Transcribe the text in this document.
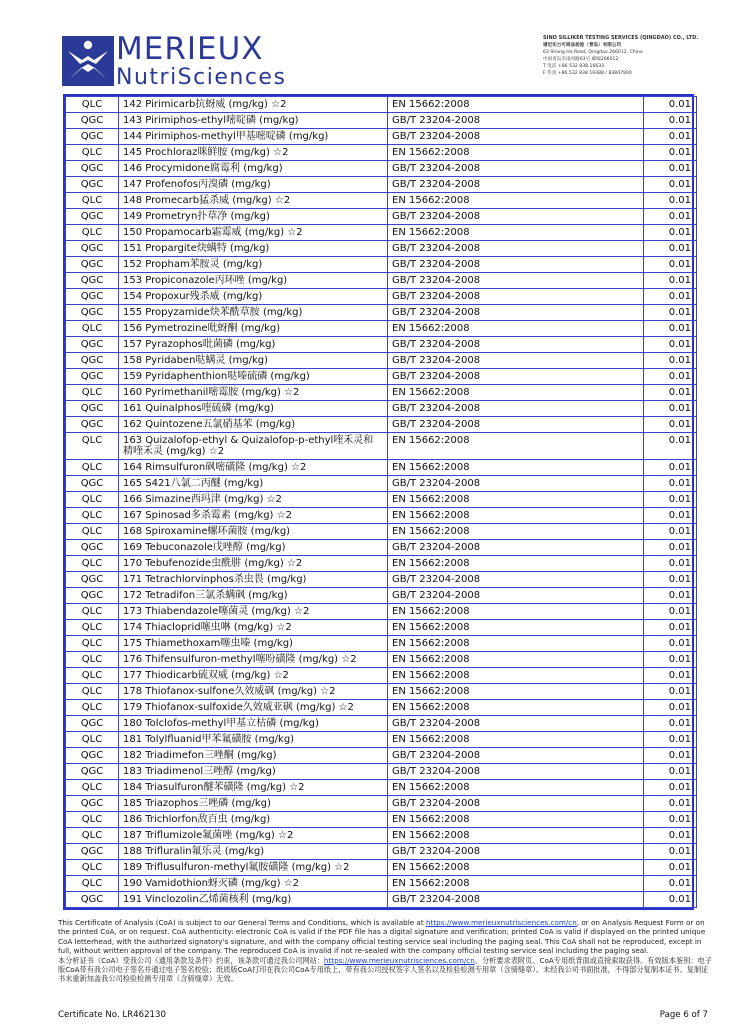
MERIEUX
NutriSciences
SINO SILLIKER TESTING SERVICES (QINGDAO) CO., LTD.
谱尼实力可商品检验（青岛）有限公司
63 Shang He Road, Qingdao 266012, China
中国青岛市南河路63号 邮编266012
T 电话 +86 532 838 16633
F 传真 +86 532 838 19388 / 83847900
QLC	142 Pirimicarb抗蚜威 (mg/kg) ☆2	EN 15662:2008	0.01
QGC	143 Pirimiphos-ethyl嘧啶磷 (mg/kg)	GB/T 23204-2008	0.01
QGC	144 Pirimiphos-methyl甲基嘧啶磷 (mg/kg)	GB/T 23204-2008	0.01
QLC	145 Prochloraz咪鲜胺 (mg/kg) ☆2	EN 15662:2008	0.01
QGC	146 Procymidone腐霉利 (mg/kg)	GB/T 23204-2008	0.01
QGC	147 Profenofos丙溴磷 (mg/kg)	GB/T 23204-2008	0.01
QLC	148 Promecarb猛杀威 (mg/kg) ☆2	EN 15662:2008	0.01
QGC	149 Prometryn扑草净 (mg/kg)	GB/T 23204-2008	0.01
QLC	150 Propamocarb霜霉威 (mg/kg) ☆2	EN 15662:2008	0.01
QGC	151 Propargite炔螨特 (mg/kg)	GB/T 23204-2008	0.01
QGC	152 Propham苯胺灵 (mg/kg)	GB/T 23204-2008	0.01
QGC	153 Propiconazole丙环唑 (mg/kg)	GB/T 23204-2008	0.01
QGC	154 Propoxur残杀威 (mg/kg)	GB/T 23204-2008	0.01
QGC	155 Propyzamide炔苯酰草胺 (mg/kg)	GB/T 23204-2008	0.01
QLC	156 Pymetrozine吡蚜酮 (mg/kg)	EN 15662:2008	0.01
QGC	157 Pyrazophos吡菌磷 (mg/kg)	GB/T 23204-2008	0.01
QGC	158 Pyridaben哒螨灵 (mg/kg)	GB/T 23204-2008	0.01
QGC	159 Pyridaphenthion哒嗪硫磷 (mg/kg)	GB/T 23204-2008	0.01
QLC	160 Pyrimethanil嘧霉胺 (mg/kg) ☆2	EN 15662:2008	0.01
QGC	161 Quinalphos喹硫磷 (mg/kg)	GB/T 23204-2008	0.01
QGC	162 Quintozene五氯硝基苯 (mg/kg)	GB/T 23204-2008	0.01
QLC	163 Quizalofop-ethyl & Quizalofop-p-ethyl喹禾灵和精喹禾灵 (mg/kg) ☆2	EN 15662:2008	0.01
QLC	164 Rimsulfuron砜嘧磺隆 (mg/kg) ☆2	EN 15662:2008	0.01
QGC	165 S421八氯二丙醚 (mg/kg)	GB/T 23204-2008	0.01
QLC	166 Simazine西玛津 (mg/kg) ☆2	EN 15662:2008	0.01
QLC	167 Spinosad多杀霉素 (mg/kg) ☆2	EN 15662:2008	0.01
QLC	168 Spiroxamine螺环菌胺 (mg/kg)	EN 15662:2008	0.01
QGC	169 Tebuconazole戊唑醇 (mg/kg)	GB/T 23204-2008	0.01
QLC	170 Tebufenozide虫酰肼 (mg/kg) ☆2	EN 15662:2008	0.01
QGC	171 Tetrachlorvinphos杀虫畏 (mg/kg)	GB/T 23204-2008	0.01
QGC	172 Tetradifon三氯杀螨砜 (mg/kg)	GB/T 23204-2008	0.01
QLC	173 Thiabendazole噻菌灵 (mg/kg) ☆2	EN 15662:2008	0.01
QLC	174 Thiacloprid噻虫啉 (mg/kg) ☆2	EN 15662:2008	0.01
QLC	175 Thiamethoxam噻虫嗪 (mg/kg)	EN 15662:2008	0.01
QLC	176 Thifensulfuron-methyl噻吩磺隆 (mg/kg) ☆2	EN 15662:2008	0.01
QLC	177 Thiodicarb硫双威 (mg/kg) ☆2	EN 15662:2008	0.01
QLC	178 Thiofanox-sulfone久效威砜 (mg/kg) ☆2	EN 15662:2008	0.01
QLC	179 Thiofanox-sulfoxide久效威亚砜 (mg/kg) ☆2	EN 15662:2008	0.01
QGC	180 Tolclofos-methyl甲基立枯磷 (mg/kg)	GB/T 23204-2008	0.01
QLC	181 Tolylfluanid甲苯氟磺胺 (mg/kg)	EN 15662:2008	0.01
QGC	182 Triadimefon三唑酮 (mg/kg)	GB/T 23204-2008	0.01
QGC	183 Triadimenol三唑醇 (mg/kg)	GB/T 23204-2008	0.01
QLC	184 Triasulfuron醚苯磺隆 (mg/kg) ☆2	EN 15662:2008	0.01
QGC	185 Triazophos三唑磷 (mg/kg)	GB/T 23204-2008	0.01
QLC	186 Trichlorfon敌百虫 (mg/kg)	EN 15662:2008	0.01
QLC	187 Triflumizole氟菌唑 (mg/kg) ☆2	EN 15662:2008	0.01
QGC	188 Trifluralin氟乐灵 (mg/kg)	GB/T 23204-2008	0.01
QLC	189 Triflusulfuron-methyl氟胺磺隆 (mg/kg) ☆2	EN 15662:2008	0.01
QLC	190 Vamidothion蚜灭磷 (mg/kg) ☆2	EN 15662:2008	0.01
QGC	191 Vinclozolin乙烯菌核利 (mg/kg)	GB/T 23204-2008	0.01
This Certificate of Analysis (CoA) is subject to our General Terms and Conditions, which is available at https://www.merieuxnutrisciences.com/cn, or on Analysis Request Form or on the printed CoA, or on request. CoA authenticity: electronic CoA is valid if the PDF file has a digital signature and verification; printed CoA is valid if displayed on the printed unique CoA letterhead, with the authorized signatory's signature, and with the company official testing service seal including the paging seal. This CoA shall not be reproduced, except in full, without written approval of the company. The reproduced CoA is invalid if not re-sealed with the company official testing service seal including the paging seal.
本分析证书（CoA）受我公司《通用条款及条件》约束，该条款可通过我公司网站：https://www.merieuxnutrisciences.com/cn、分析要求表附页、CoA专用纸背面或直接索取获得。有效版本鉴别：电子版CoA带有我公司电子签名并通过电子签名校验；纸质版CoA打印在我公司CoA专用纸上，带有我公司授权签字人签名以及检验检测专用章（含骑缝章）。未经我公司书面批准，不得部分复制本证书。复制证书未重新加盖我公司检验检测专用章（含骑缝章）无效。
Certificate No. LR462130	Page 6 of 7
